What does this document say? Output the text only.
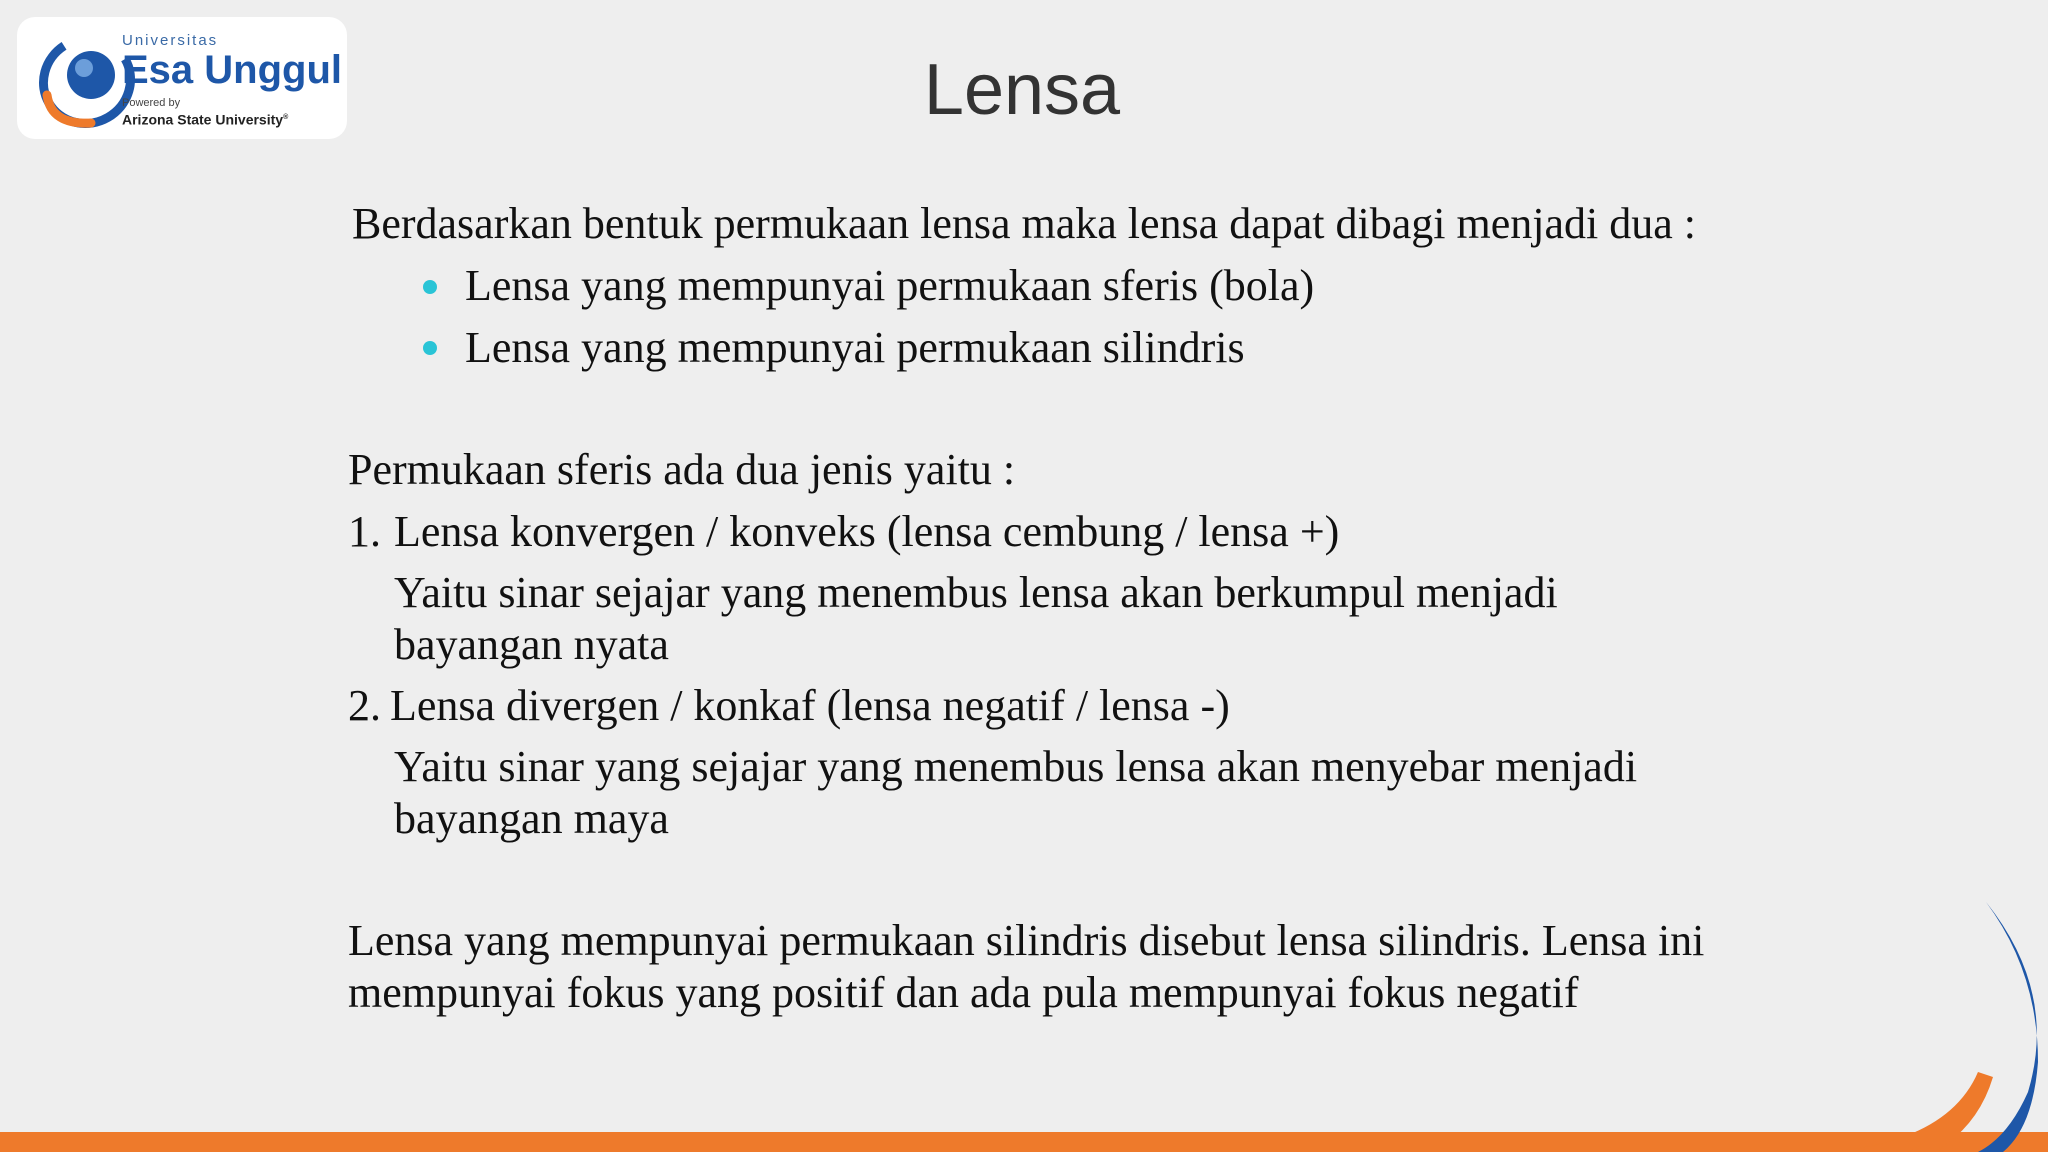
Universitas
Esa Unggul
Powered by
Arizona State University®	Lensa
Berdasarkan bentuk permukaan lensa maka lensa dapat dibagi menjadi dua :
Lensa yang mempunyai permukaan sferis (bola)
Lensa yang mempunyai permukaan silindris
Permukaan sferis ada dua jenis yaitu :
1. Lensa konvergen / konveks (lensa cembung / lensa +)
Yaitu sinar sejajar yang menembus lensa akan berkumpul menjadi
bayangan nyata
2. Lensa divergen / konkaf (lensa negatif / lensa -)
Yaitu sinar yang sejajar yang menembus lensa akan menyebar menjadi
bayangan maya
Lensa yang mempunyai permukaan silindris disebut lensa silindris. Lensa ini
mempunyai fokus yang positif dan ada pula mempunyai fokus negatif
